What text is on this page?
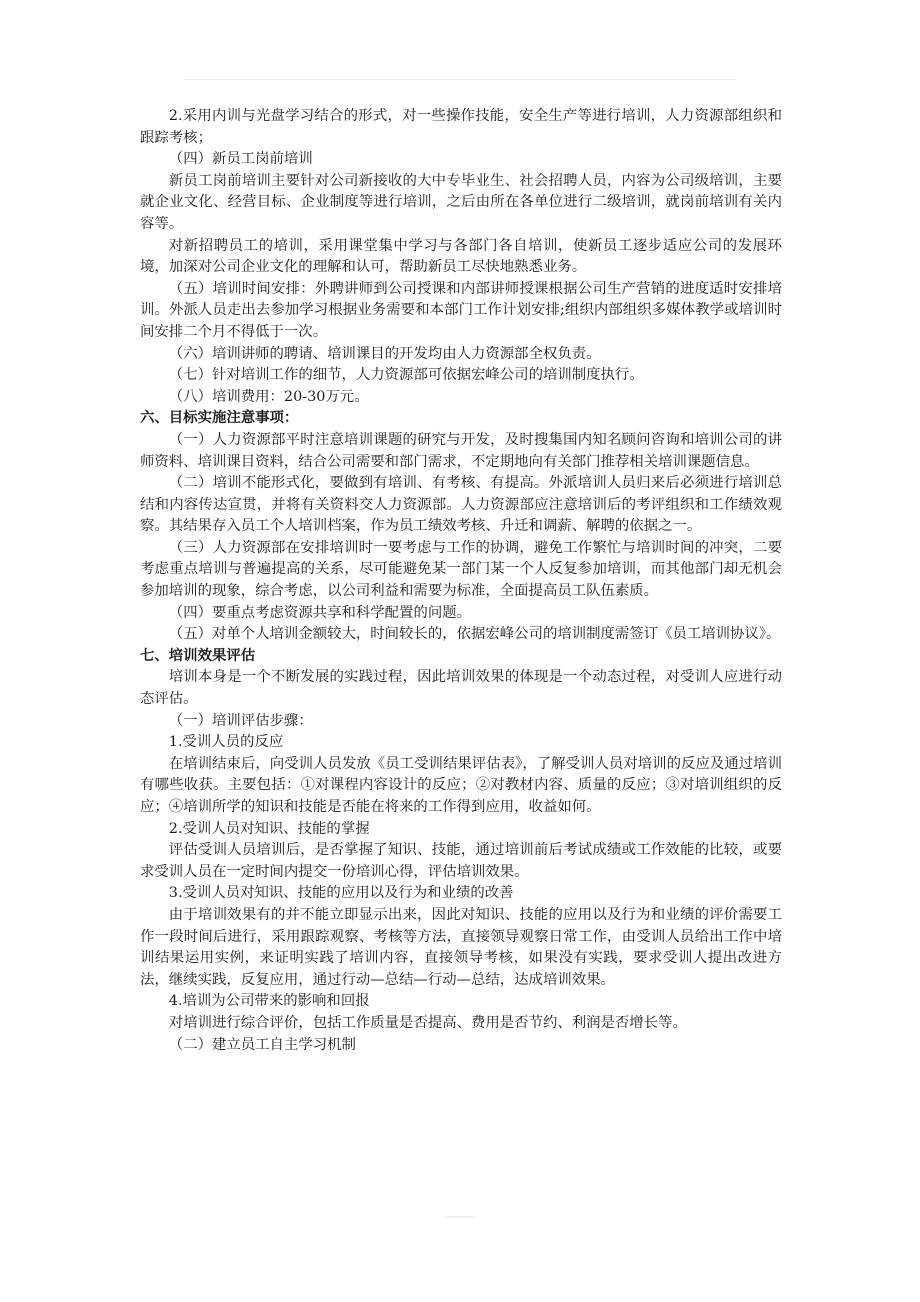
2.采用内训与光盘学习结合的形式，对一些操作技能，安全生产等进行培训，人力资源部组织和跟踪考核；

（四）新员工岗前培训

新员工岗前培训主要针对公司新接收的大中专毕业生、社会招聘人员，内容为公司级培训，主要就企业文化、经营目标、企业制度等进行培训，之后由所在各单位进行二级培训，就岗前培训有关内容等。

对新招聘员工的培训，采用课堂集中学习与各部门各自培训，使新员工逐步适应公司的发展环境，加深对公司企业文化的理解和认可，帮助新员工尽快地熟悉业务。

（五）培训时间安排：外聘讲师到公司授课和内部讲师授课根据公司生产营销的进度适时安排培训。外派人员走出去参加学习根据业务需要和本部门工作计划安排;组织内部组织多媒体教学或培训时间安排二个月不得低于一次。

（六）培训讲师的聘请、培训课目的开发均由人力资源部全权负责。

（七）针对培训工作的细节，人力资源部可依据宏峰公司的培训制度执行。

（八）培训费用：20-30万元。

六、目标实施注意事项：

（一）人力资源部平时注意培训课题的研究与开发，及时搜集国内知名顾问咨询和培训公司的讲师资料、培训课目资料，结合公司需要和部门需求，不定期地向有关部门推荐相关培训课题信息。

（二）培训不能形式化，要做到有培训、有考核、有提高。外派培训人员归来后必须进行培训总结和内容传达宣贯，并将有关资料交人力资源部。人力资源部应注意培训后的考评组织和工作绩效观察。其结果存入员工个人培训档案，作为员工绩效考核、升迁和调薪、解聘的依据之一。

（三）人力资源部在安排培训时一要考虑与工作的协调，避免工作繁忙与培训时间的冲突，二要考虑重点培训与普遍提高的关系，尽可能避免某一部门某一个人反复参加培训，而其他部门却无机会参加培训的现象，综合考虑，以公司利益和需要为标准，全面提高员工队伍素质。

（四）要重点考虑资源共享和科学配置的问题。

（五）对单个人培训金额较大，时间较长的，依据宏峰公司的培训制度需签订《员工培训协议》。

七、培训效果评估

培训本身是一个不断发展的实践过程，因此培训效果的体现是一个动态过程，对受训人应进行动态评估。

（一）培训评估步骤：

1.受训人员的反应

在培训结束后，向受训人员发放《员工受训结果评估表》，了解受训人员对培训的反应及通过培训有哪些收获。主要包括：①对课程内容设计的反应；②对教材内容、质量的反应；③对培训组织的反应；④培训所学的知识和技能是否能在将来的工作得到应用，收益如何。

2.受训人员对知识、技能的掌握

评估受训人员培训后，是否掌握了知识、技能，通过培训前后考试成绩或工作效能的比较，或要求受训人员在一定时间内提交一份培训心得，评估培训效果。

3.受训人员对知识、技能的应用以及行为和业绩的改善

由于培训效果有的并不能立即显示出来，因此对知识、技能的应用以及行为和业绩的评价需要工作一段时间后进行，采用跟踪观察、考核等方法，直接领导观察日常工作，由受训人员给出工作中培训结果运用实例，来证明实践了培训内容，直接领导考核，如果没有实践，要求受训人提出改进方法，继续实践，反复应用，通过行动—总结—行动—总结，达成培训效果。

4.培训为公司带来的影响和回报

对培训进行综合评价，包括工作质量是否提高、费用是否节约、利润是否增长等。

（二）建立员工自主学习机制
